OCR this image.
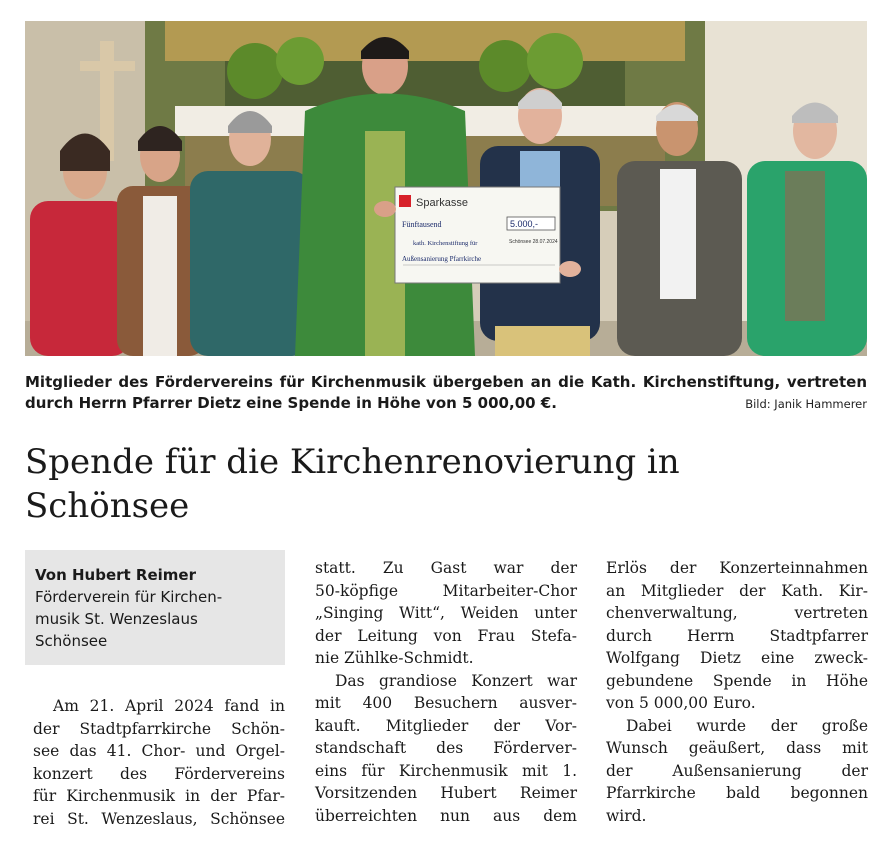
Sparkasse
5.000,-
Fünftausend
kath. Kirchenstiftung für	Schönsee 28.07.2024
Außensanierung Pfarrkirche
Mitglieder des Fördervereins für Kirchenmusik übergeben an die Kath. Kirchenstiftung, vertreten durch Herrn Pfarrer Dietz eine Spende in Höhe von 5 000,00 €.	Bild: Janik Hammerer
Spende für die Kirchenrenovierung in
Schönsee
Von Hubert Reimer
Förderverein für Kirchen-
musik St. Wenzeslaus
Schönsee

Am 21. April 2024 fand in
der Stadtpfarrkirche Schön-
see das 41. Chor- und Orgel-
konzert des Fördervereins
für Kirchenmusik in der Pfar-
rei St. Wenzeslaus, Schönsee

statt. Zu Gast war der
50-köpfige Mitarbeiter-Chor
„Singing Witt“, Weiden unter
der Leitung von Frau Stefa-
nie Zühlke-Schmidt.

Das grandiose Konzert war
mit 400 Besuchern ausver-
kauft. Mitglieder der Vor-
standschaft des Förderver-
eins für Kirchenmusik mit 1.
Vorsitzenden Hubert Reimer
überreichten nun aus dem

Erlös der Konzerteinnahmen
an Mitglieder der Kath. Kir-
chenverwaltung, vertreten
durch Herrn Stadtpfarrer
Wolfgang Dietz eine zweck-
gebundene Spende in Höhe
von 5 000,00 Euro.

Dabei wurde der große
Wunsch geäußert, dass mit
der Außensanierung der
Pfarrkirche bald begonnen
wird.
